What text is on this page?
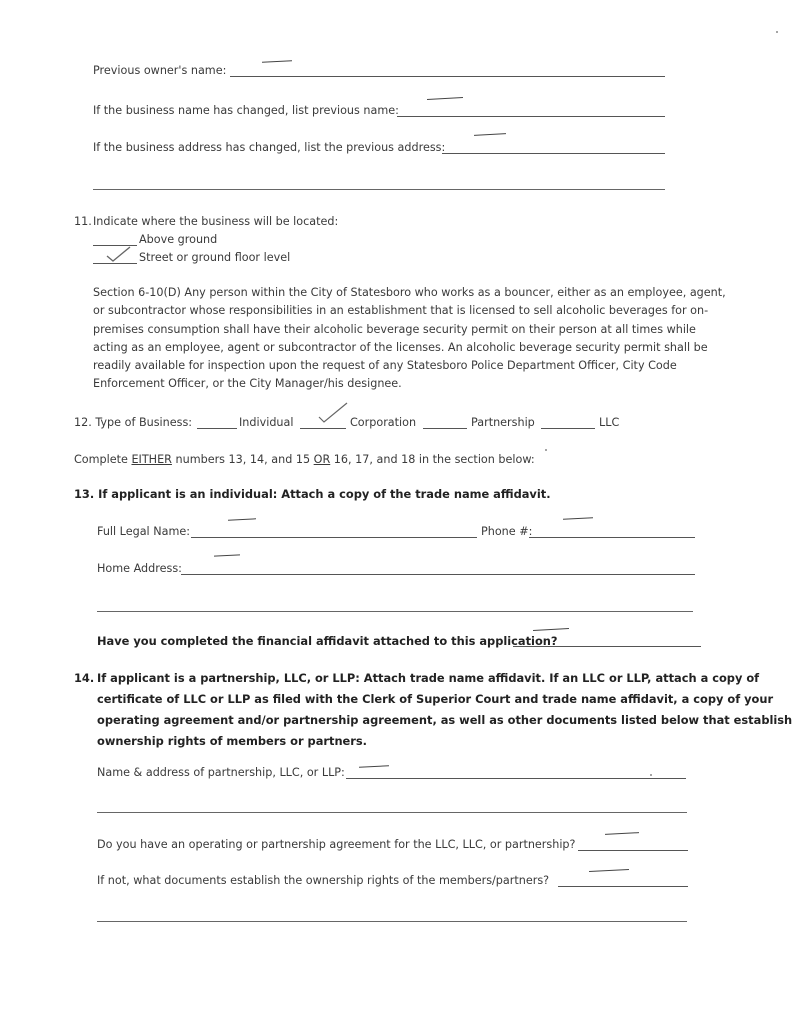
Previous owner's name:
If the business name has changed, list previous name:
If the business address has changed, list the previous address:
11. Indicate where the business will be located:
Above ground
Street or ground floor level
Section 6-10(D) Any person within the City of Statesboro who works as a bouncer, either as an employee, agent,
or subcontractor whose responsibilities in an establishment that is licensed to sell alcoholic beverages for on-
premises consumption shall have their alcoholic beverage security permit on their person at all times while
acting as an employee, agent or subcontractor of the licenses. An alcoholic beverage security permit shall be
readily available for inspection upon the request of any Statesboro Police Department Officer, City Code
Enforcement Officer, or the City Manager/his designee.
12. Type of Business:	Individual	Corporation	Partnership	LLC
Complete EITHER numbers 13, 14, and 15 OR 16, 17, and 18 in the section below:
13. If applicant is an individual: Attach a copy of the trade name affidavit.
Full Legal Name:	Phone #:
Home Address:
Have you completed the financial affidavit attached to this application?
14. If applicant is a partnership, LLC, or LLP: Attach trade name affidavit. If an LLC or LLP, attach a copy of
certificate of LLC or LLP as filed with the Clerk of Superior Court and trade name affidavit, a copy of your
operating agreement and/or partnership agreement, as well as other documents listed below that establish
ownership rights of members or partners.
Name & address of partnership, LLC, or LLP:
Do you have an operating or partnership agreement for the LLC, LLC, or partnership?
If not, what documents establish the ownership rights of the members/partners?
